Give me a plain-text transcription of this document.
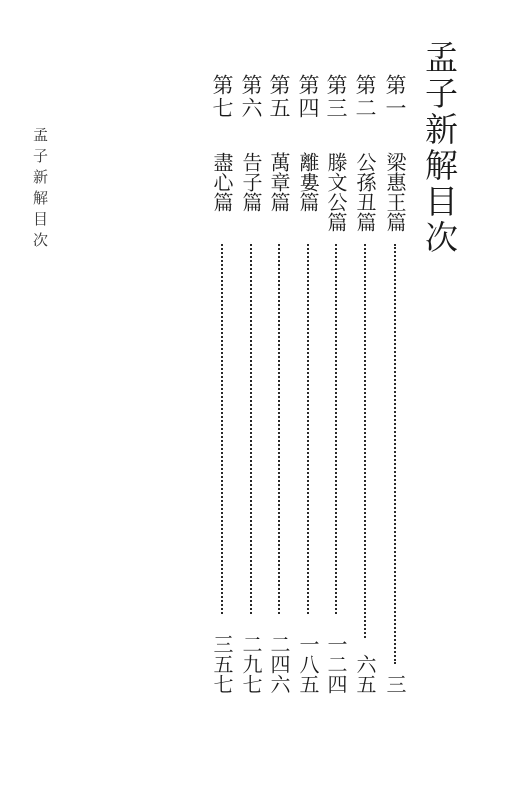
孟子新解目次	孟子新解目次
第一
梁惠王篇
三
第二
公孫丑篇
六五
第三
滕文公篇
一二四
第四
離婁篇
一八五
第五
萬章篇
二四六
第六
告子篇
二九七
第七
盡心篇
三五七
